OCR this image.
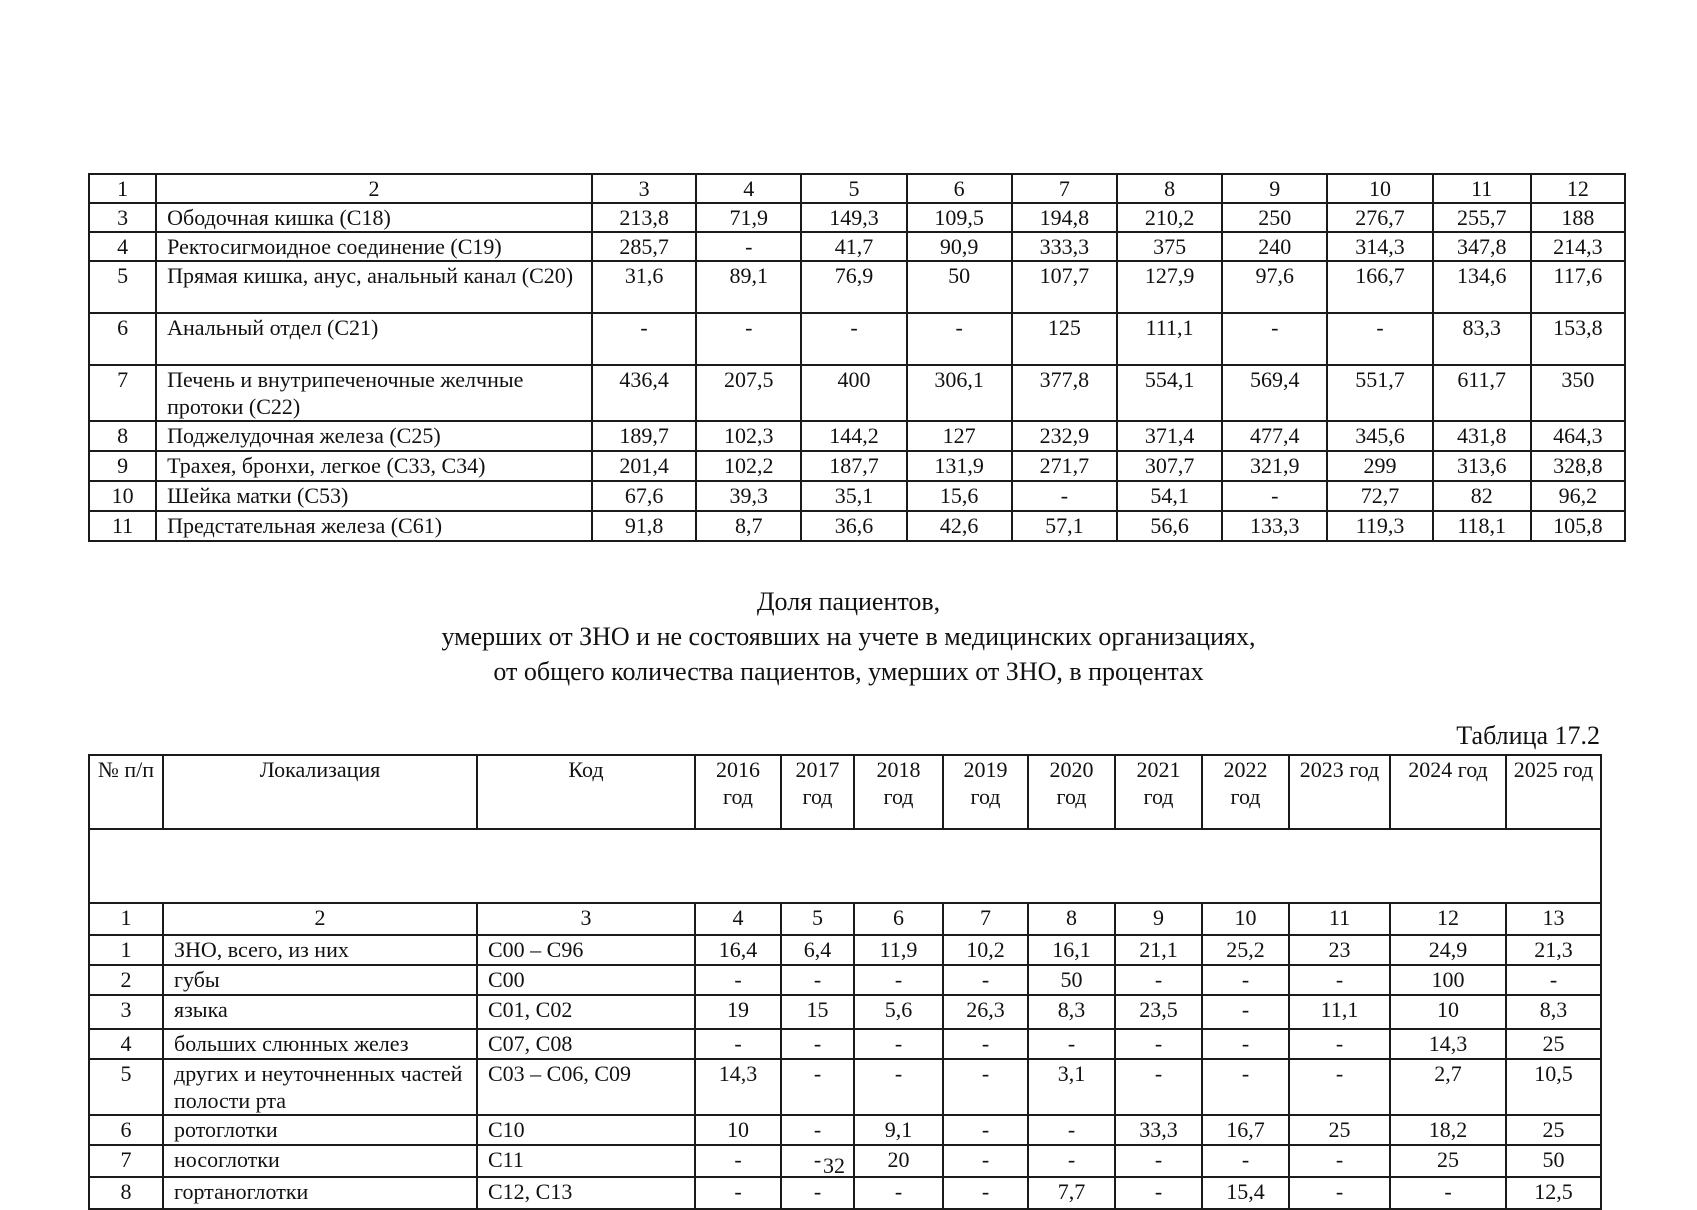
1	2	3	4	5	6	7	8	9	10	11	12
3	Ободочная кишка (С18)	213,8	71,9	149,3	109,5	194,8	210,2	250	276,7	255,7	188
4	Ректосигмоидное соединение (С19)	285,7	-	41,7	90,9	333,3	375	240	314,3	347,8	214,3
5	Прямая кишка, анус, анальный канал (С20)	31,6	89,1	76,9	50	107,7	127,9	97,6	166,7	134,6	117,6
6	Анальный отдел (С21)	-	-	-	-	125	111,1	-	-	83,3	153,8
7	Печень и внутрипеченочные желчные протоки (С22)	436,4	207,5	400	306,1	377,8	554,1	569,4	551,7	611,7	350
8	Поджелудочная железа (С25)	189,7	102,3	144,2	127	232,9	371,4	477,4	345,6	431,8	464,3
9	Трахея, бронхи, легкое (С33, С34)	201,4	102,2	187,7	131,9	271,7	307,7	321,9	299	313,6	328,8
10	Шейка матки (С53)	67,6	39,3	35,1	15,6	-	54,1	-	72,7	82	96,2
11	Предстательная железа (С61)	91,8	8,7	36,6	42,6	57,1	56,6	133,3	119,3	118,1	105,8
Доля пациентов,
умерших от ЗНО и не состоявших на учете в медицинских организациях,
от общего количества пациентов, умерших от ЗНО, в процентах
Таблица 17.2
№ п/п	Локализация	Код	2016 год	2017 год	2018 год	2019 год	2020 год	2021 год	2022 год	2023 год	2024 год	2025 год

1	2	3	4	5	6	7	8	9	10	11	12	13
1	ЗНО, всего, из них	С00 – С96	16,4	6,4	11,9	10,2	16,1	21,1	25,2	23	24,9	21,3
2	губы	С00	-	-	-	-	50	-	-	-	100	-
3	языка	С01, С02	19	15	5,6	26,3	8,3	23,5	-	11,1	10	8,3
4	больших слюнных желез	С07, С08	-	-	-	-	-	-	-	-	14,3	25
5	других и неуточненных частей полости рта	С03 – С06, С09	14,3	-	-	-	3,1	-	-	-	2,7	10,5
6	ротоглотки	С10	10	-	9,1	-	-	33,3	16,7	25	18,2	25
7	носоглотки	С11	-	-	20	-	-	-	-	-	25	50
8	гортаноглотки	С12, С13	-	-	-	-	7,7	-	15,4	-	-	12,5
32
